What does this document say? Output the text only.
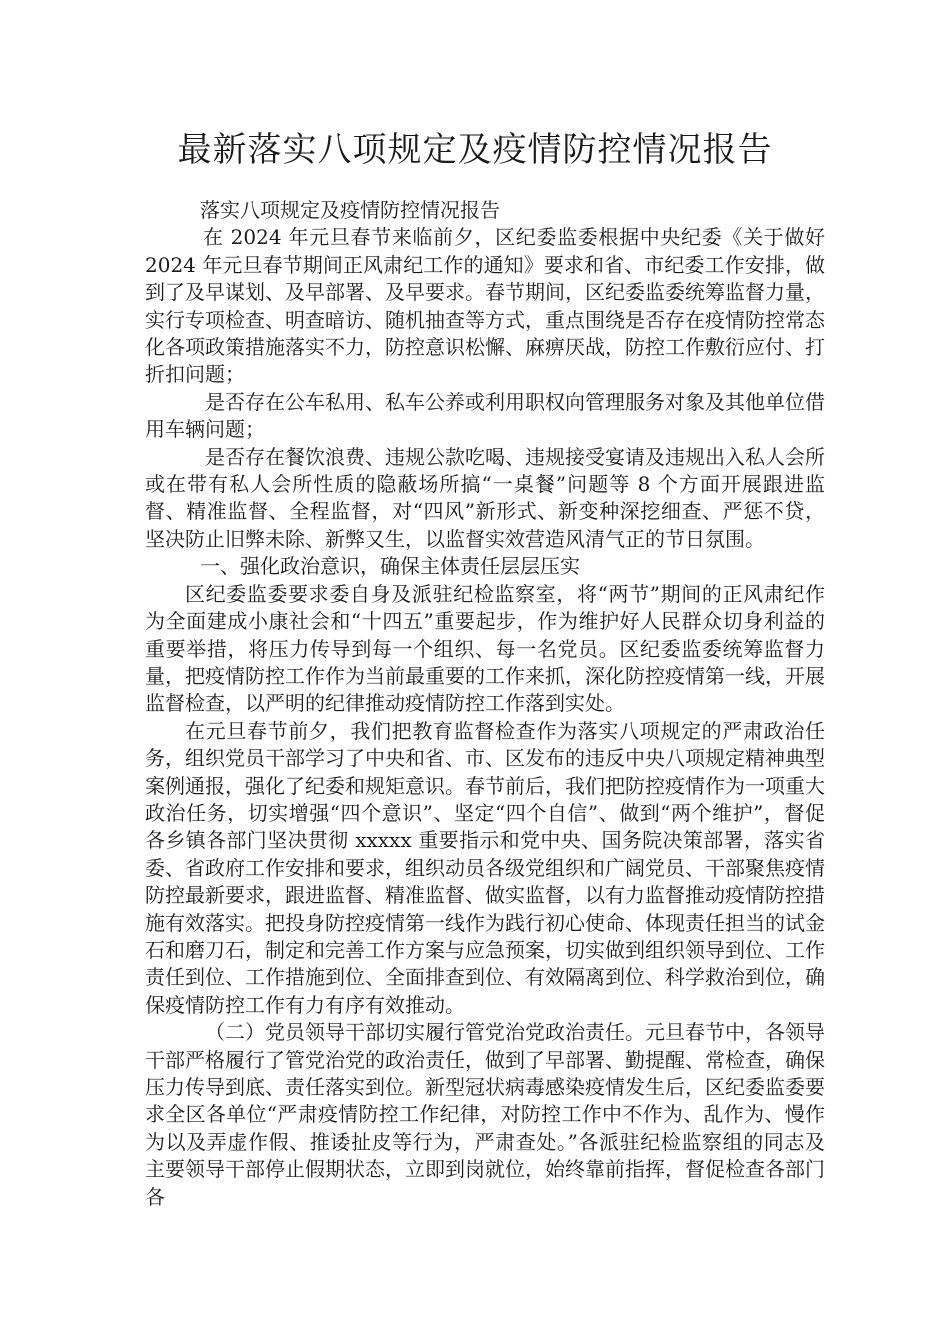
最新落实八项规定及疫情防控情况报告

落实八项规定及疫情防控情况报告

在 2024 年元旦春节来临前夕，区纪委监委根据中央纪委《关于做好 2024 年元旦春节期间正风肃纪工作的通知》要求和省、市纪委工作安排，做到了及早谋划、及早部署、及早要求。春节期间，区纪委监委统筹监督力量，实行专项检查、明查暗访、随机抽查等方式，重点围绕是否存在疫情防控常态化各项政策措施落实不力，防控意识松懈、麻痹厌战，防控工作敷衍应付、打折扣问题；

是否存在公车私用、私车公养或利用职权向管理服务对象及其他单位借用车辆问题；

是否存在餐饮浪费、违规公款吃喝、违规接受宴请及违规出入私人会所或在带有私人会所性质的隐蔽场所搞“一桌餐”问题等 8 个方面开展跟进监督、精准监督、全程监督，对“四风”新形式、新变种深挖细查、严惩不贷，坚决防止旧弊未除、新弊又生，以监督实效营造风清气正的节日氛围。

一、强化政治意识，确保主体责任层层压实

区纪委监委要求委自身及派驻纪检监察室，将“两节”期间的正风肃纪作为全面建成小康社会和“十四五”重要起步，作为维护好人民群众切身利益的重要举措，将压力传导到每一个组织、每一名党员。区纪委监委统筹监督力量，把疫情防控工作作为当前最重要的工作来抓，深化防控疫情第一线，开展监督检查，以严明的纪律推动疫情防控工作落到实处。

在元旦春节前夕，我们把教育监督检查作为落实八项规定的严肃政治任务，组织党员干部学习了中央和省、市、区发布的违反中央八项规定精神典型案例通报，强化了纪委和规矩意识。春节前后，我们把防控疫情作为一项重大政治任务，切实增强“四个意识”、坚定“四个自信”、做到“两个维护”，督促各乡镇各部门坚决贯彻 xxxxx 重要指示和党中央、国务院决策部署，落实省委、省政府工作安排和要求，组织动员各级党组织和广阔党员、干部聚焦疫情防控最新要求，跟进监督、精准监督、做实监督，以有力监督推动疫情防控措施有效落实。把投身防控疫情第一线作为践行初心使命、体现责任担当的试金石和磨刀石，制定和完善工作方案与应急预案，切实做到组织领导到位、工作责任到位、工作措施到位、全面排查到位、有效隔离到位、科学救治到位，确保疫情防控工作有力有序有效推动。

（二）党员领导干部切实履行管党治党政治责任。元旦春节中，各领导干部严格履行了管党治党的政治责任，做到了早部署、勤提醒、常检查，确保压力传导到底、责任落实到位。新型冠状病毒感染疫情发生后，区纪委监委要求全区各单位“严肃疫情防控工作纪律，对防控工作中不作为、乱作为、慢作为以及弄虚作假、推诿扯皮等行为，严肃查处。”各派驻纪检监察组的同志及主要领导干部停止假期状态，立即到岗就位，始终靠前指挥，督促检查各部门各
